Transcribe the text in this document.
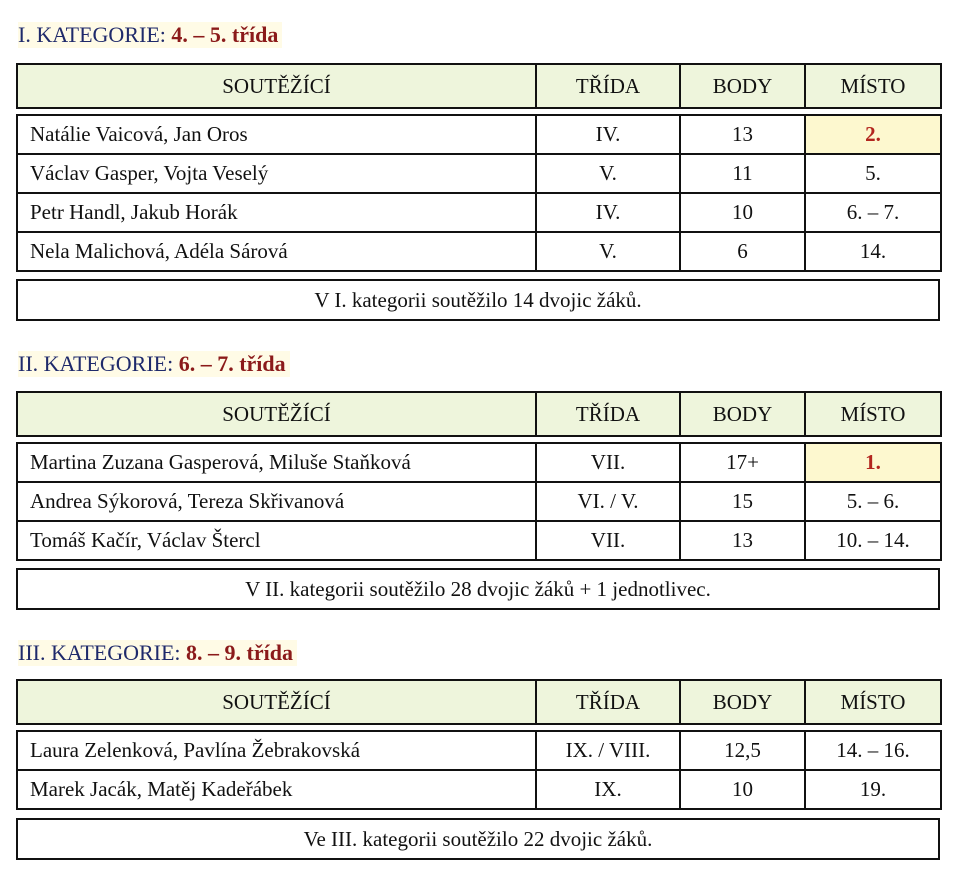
I. KATEGORIE: 4. – 5. třída
SOUTĚŽÍCÍ	TŘÍDA	BODY	MÍSTO
Natálie Vaicová, Jan Oros	IV.	13	2.
Václav Gasper, Vojta Veselý	V.	11	5.
Petr Handl, Jakub Horák	IV.	10	6. – 7.
Nela Malichová, Adéla Sárová	V.	6	14.
V I. kategorii soutěžilo 14 dvojic žáků.
II. KATEGORIE: 6. – 7. třída
SOUTĚŽÍCÍ	TŘÍDA	BODY	MÍSTO
Martina Zuzana Gasperová, Miluše Staňková	VII.	17+	1.
Andrea Sýkorová, Tereza Skřivanová	VI. / V.	15	5. – 6.
Tomáš Kačír, Václav Štercl	VII.	13	10. – 14.
V II. kategorii soutěžilo 28 dvojic žáků + 1 jednotlivec.
III. KATEGORIE: 8. – 9. třída
SOUTĚŽÍCÍ	TŘÍDA	BODY	MÍSTO
Laura Zelenková, Pavlína Žebrakovská	IX. / VIII.	12,5	14. – 16.
Marek Jacák, Matěj Kadeřábek	IX.	10	19.
Ve III. kategorii soutěžilo 22 dvojic žáků.
